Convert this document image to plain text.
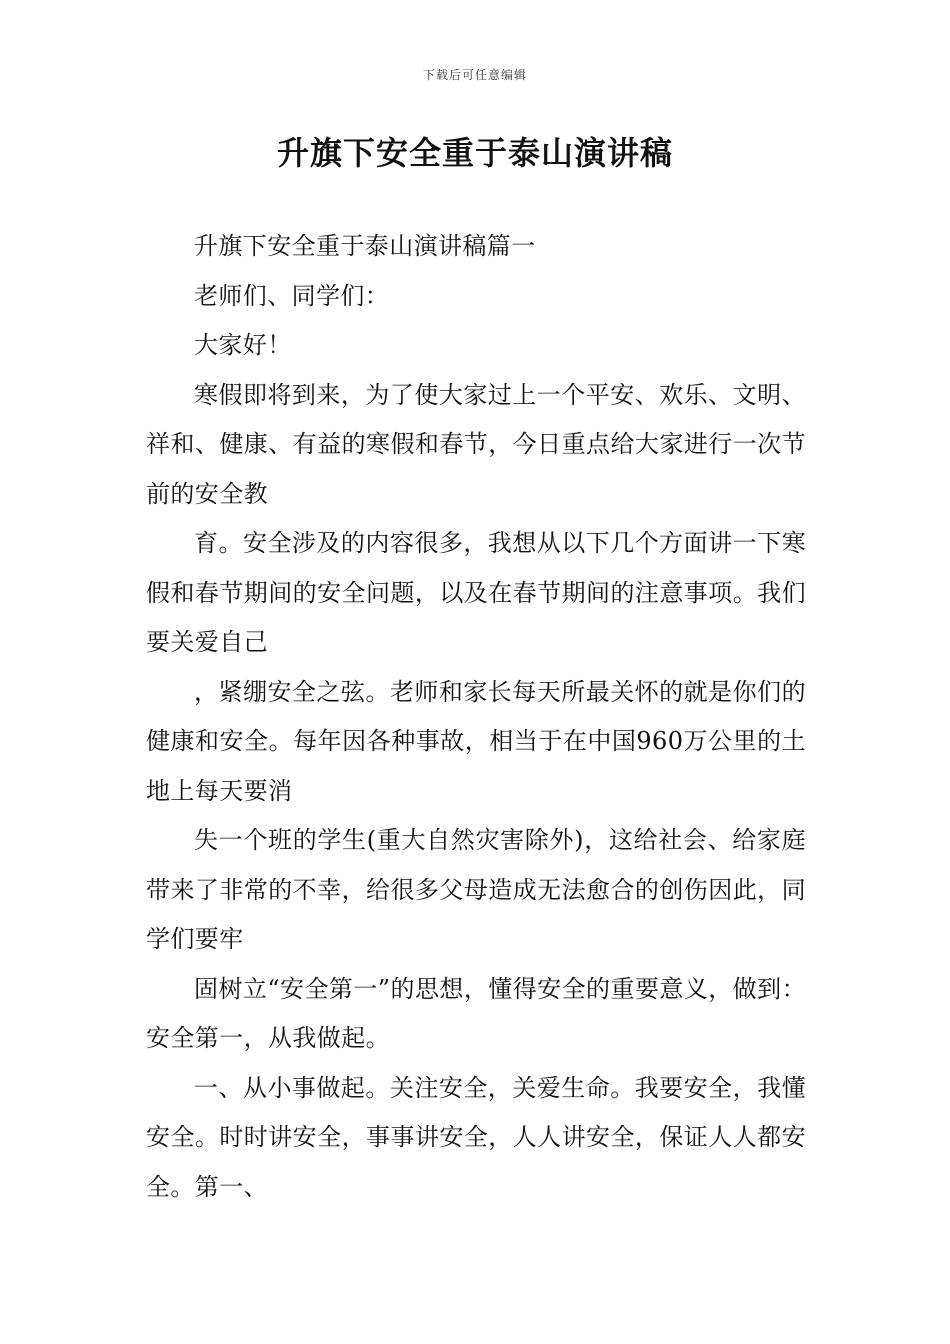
下载后可任意编辑
升旗下安全重于泰山演讲稿

升旗下安全重于泰山演讲稿篇一

老师们、同学们：

大家好！

寒假即将到来，为了使大家过上一个平安、欢乐、文明、祥和、健康、有益的寒假和春节，今日重点给大家进行一次节前的安全教

育。安全涉及的内容很多，我想从以下几个方面讲一下寒假和春节期间的安全问题，以及在春节期间的注意事项。我们要关爱自己

，紧绷安全之弦。老师和家长每天所最关怀的就是你们的健康和安全。每年因各种事故，相当于在中国960万公里的土地上每天要消

失一个班的学生(重大自然灾害除外)，这给社会、给家庭带来了非常的不幸，给很多父母造成无法愈合的创伤因此，同学们要牢

固树立“安全第一”的思想，懂得安全的重要意义，做到：安全第一，从我做起。

一、从小事做起。关注安全，关爱生命。我要安全，我懂安全。时时讲安全，事事讲安全，人人讲安全，保证人人都安全。第一、
